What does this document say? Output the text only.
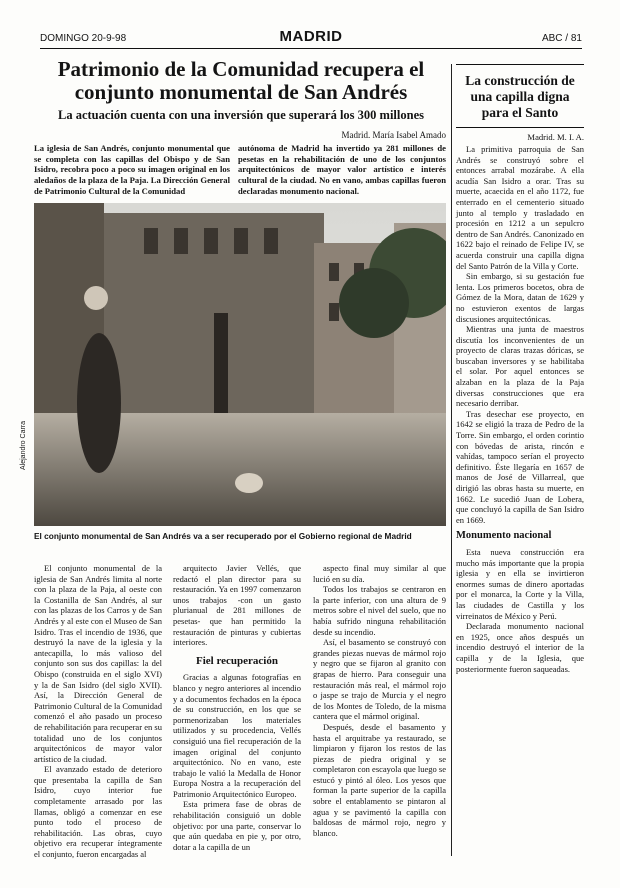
DOMINGO 20-9-98	MADRID	ABC / 81
Patrimonio de la Comunidad recupera el conjunto monumental de San Andrés
La actuación cuenta con una inversión que superará los 300 millones
Madrid. María Isabel Amado
La iglesia de San Andrés, conjunto monumental que se completa con las capillas del Obispo y de San Isidro, recobra poco a poco su imagen original en los aledaños de la plaza de la Paja. La Dirección General de Patrimonio Cultural de la Comunidad
autónoma de Madrid ha invertido ya 281 millones de pesetas en la rehabilitación de uno de los conjuntos arquitectónicos de mayor valor artístico e interés cultural de la ciudad. No en vano, ambas capillas fueron declaradas monumento nacional.
Alejandro Carra
El conjunto monumental de San Andrés va a ser recuperado por el Gobierno regional de Madrid

El conjunto monumental de la iglesia de San Andrés limita al norte con la plaza de la Paja, al oeste con la Costanilla de San Andrés, al sur con las plazas de los Carros y de San Andrés y al este con el Museo de San Isidro. Tras el incendio de 1936, que destruyó la nave de la iglesia y la antecapilla, lo más valioso del conjunto son sus dos capillas: la del Obispo (construida en el siglo XVI) y la de San Isidro (del siglo XVII). Así, la Dirección General de Patrimonio Cultural de la Comunidad comenzó el año pasado un proceso de rehabilitación para recuperar en su totalidad uno de los conjuntos arquitectónicos de mayor valor artístico de la ciudad.

El avanzado estado de deterioro que presentaba la capilla de San Isidro, cuyo interior fue completamente arrasado por las llamas, obligó a comenzar en ese punto todo el proceso de rehabilitación. Las obras, cuyo objetivo era recuperar íntegramente el conjunto, fueron encargadas al

arquitecto Javier Vellés, que redactó el plan director para su restauración. Ya en 1997 comenzaron unos trabajos -con un gasto plurianual de 281 millones de pesetas- que han permitido la restauración de pinturas y cubiertas interiores.

Fiel recuperación

Gracias a algunas fotografías en blanco y negro anteriores al incendio y a documentos fechados en la época de su construcción, en los que se pormenorizaban los materiales utilizados y su procedencia, Vellés consiguió una fiel recuperación de la imagen original del conjunto arquitectónico. No en vano, este trabajo le valió la Medalla de Honor Europa Nostra a la recuperación del Patrimonio Arquitectónico Europeo.

Esta primera fase de obras de rehabilitación consiguió un doble objetivo: por una parte, conservar lo que aún quedaba en pie y, por otro, dotar a la capilla de un

aspecto final muy similar al que lució en su día.

Todos los trabajos se centraron en la parte inferior, con una altura de 9 metros sobre el nivel del suelo, que no había sufrido ninguna rehabilitación desde su incendio.

Así, el basamento se construyó con grandes piezas nuevas de mármol rojo y negro que se fijaron al granito con grapas de hierro. Para conseguir una restauración más real, el mármol rojo o jaspe se trajo de Murcia y el negro de los Montes de Toledo, de la misma cantera que el mármol original.

Después, desde el basamento y hasta el arquitrabe ya restaurado, se limpiaron y fijaron los restos de las piezas de piedra original y se completaron con escayola que luego se estucó y pintó al óleo. Los yesos que forman la parte superior de la capilla sobre el entablamento se pintaron al agua y se pavimentó la capilla con baldosas de mármol rojo, negro y blanco.

La construcción de una capilla digna para el Santo
Madrid. M. I. A.

La primitiva parroquia de San Andrés se construyó sobre el entonces arrabal mozárabe. A ella acudía San Isidro a orar. Tras su muerte, acaecida en el año 1172, fue enterrado en el cementerio situado junto al templo y trasladado en procesión en 1212 a un sepulcro dentro de San Andrés. Canonizado en 1622 bajo el reinado de Felipe IV, se acuerda construir una capilla digna del Santo Patrón de la Villa y Corte.

Sin embargo, si su gestación fue lenta. Los primeros bocetos, obra de Gómez de la Mora, datan de 1629 y no estuvieron exentos de largas discusiones arquitectónicas.

Mientras una junta de maestros discutía los inconvenientes de un proyecto de claras trazas dóricas, se buscaban inversores y se habilitaba el solar. Por aquel entonces se alzaban en la plaza de la Paja diversas construcciones que era necesario derribar.

Tras desechar ese proyecto, en 1642 se eligió la traza de Pedro de la Torre. Sin embargo, el orden corintio con bóvedas de arista, rincón e vahídas, tampoco serían el proyecto definitivo. Éste llegaría en 1657 de manos de José de Villarreal, que dirigió las obras hasta su muerte, en 1662. Le sucedió Juan de Lobera, que concluyó la capilla de San Isidro en 1669.

Monumento nacional

Esta nueva construcción era mucho más importante que la propia iglesia y en ella se invirtieron enormes sumas de dinero aportadas por el monarca, la Corte y la Villa, las ciudades de Castilla y los virreinatos de México y Perú.

Declarada monumento nacional en 1925, once años después un incendio destruyó el interior de la capilla y de la Iglesia, que posteriormente fueron saqueadas.
